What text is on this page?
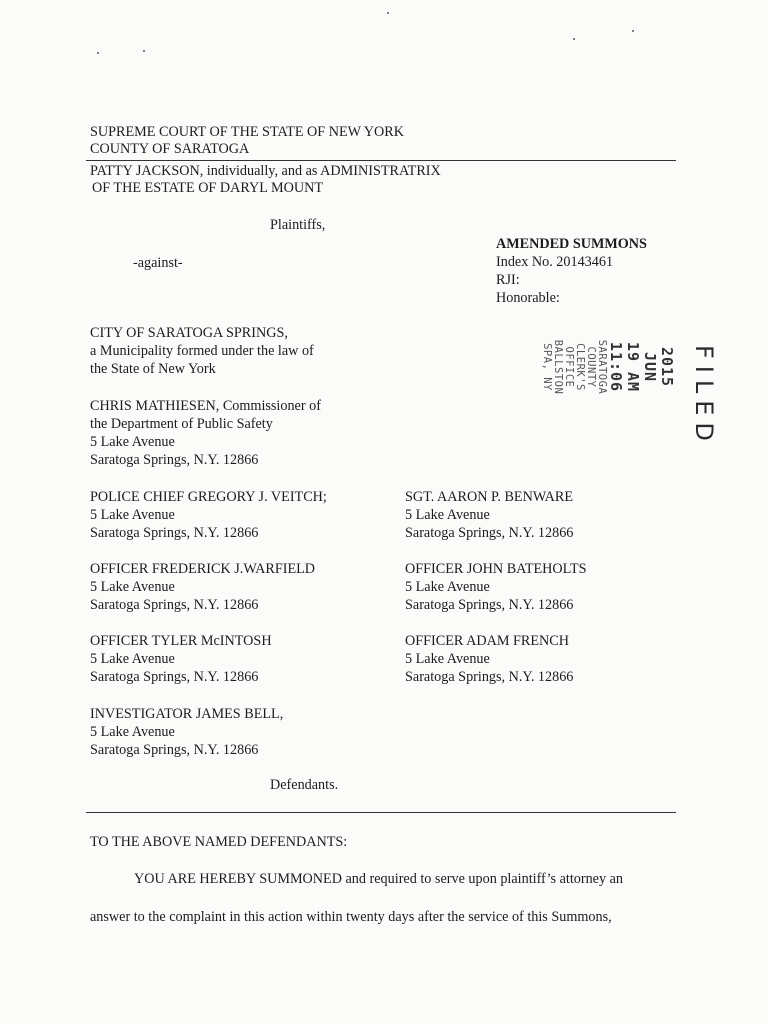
SUPREME COURT OF THE STATE OF NEW YORK
COUNTY OF SARATOGA
PATTY JACKSON, individually, and as ADMINISTRATRIX
OF THE ESTATE OF DARYL MOUNT
Plaintiffs,
-against-
AMENDED SUMMONS
Index No. 20143461
RJI:
Honorable:
2015 JUN 19 AM 11:06
SARATOGA COUNTY
CLERK'S OFFICE
BALLSTON SPA, NY	FILED
CITY OF SARATOGA SPRINGS,
a Municipality formed under the law of
the State of New York
CHRIS MATHIESEN, Commissioner of
the Department of Public Safety
5 Lake Avenue
Saratoga Springs, N.Y. 12866
POLICE CHIEF GREGORY J. VEITCH;
5 Lake Avenue
Saratoga Springs, N.Y. 12866
OFFICER FREDERICK J.WARFIELD
5 Lake Avenue
Saratoga Springs, N.Y. 12866
OFFICER TYLER McINTOSH
5 Lake Avenue
Saratoga Springs, N.Y. 12866
INVESTIGATOR JAMES BELL,
5 Lake Avenue
Saratoga Springs, N.Y. 12866
SGT. AARON P. BENWARE
5 Lake Avenue
Saratoga Springs, N.Y. 12866
OFFICER JOHN BATEHOLTS
5 Lake Avenue
Saratoga Springs, N.Y. 12866
OFFICER ADAM FRENCH
5 Lake Avenue
Saratoga Springs, N.Y. 12866
Defendants.
TO THE ABOVE NAMED DEFENDANTS:
YOU ARE HEREBY SUMMONED and required to serve upon plaintiff’s attorney an
answer to the complaint in this action within twenty days after the service of this Summons,
